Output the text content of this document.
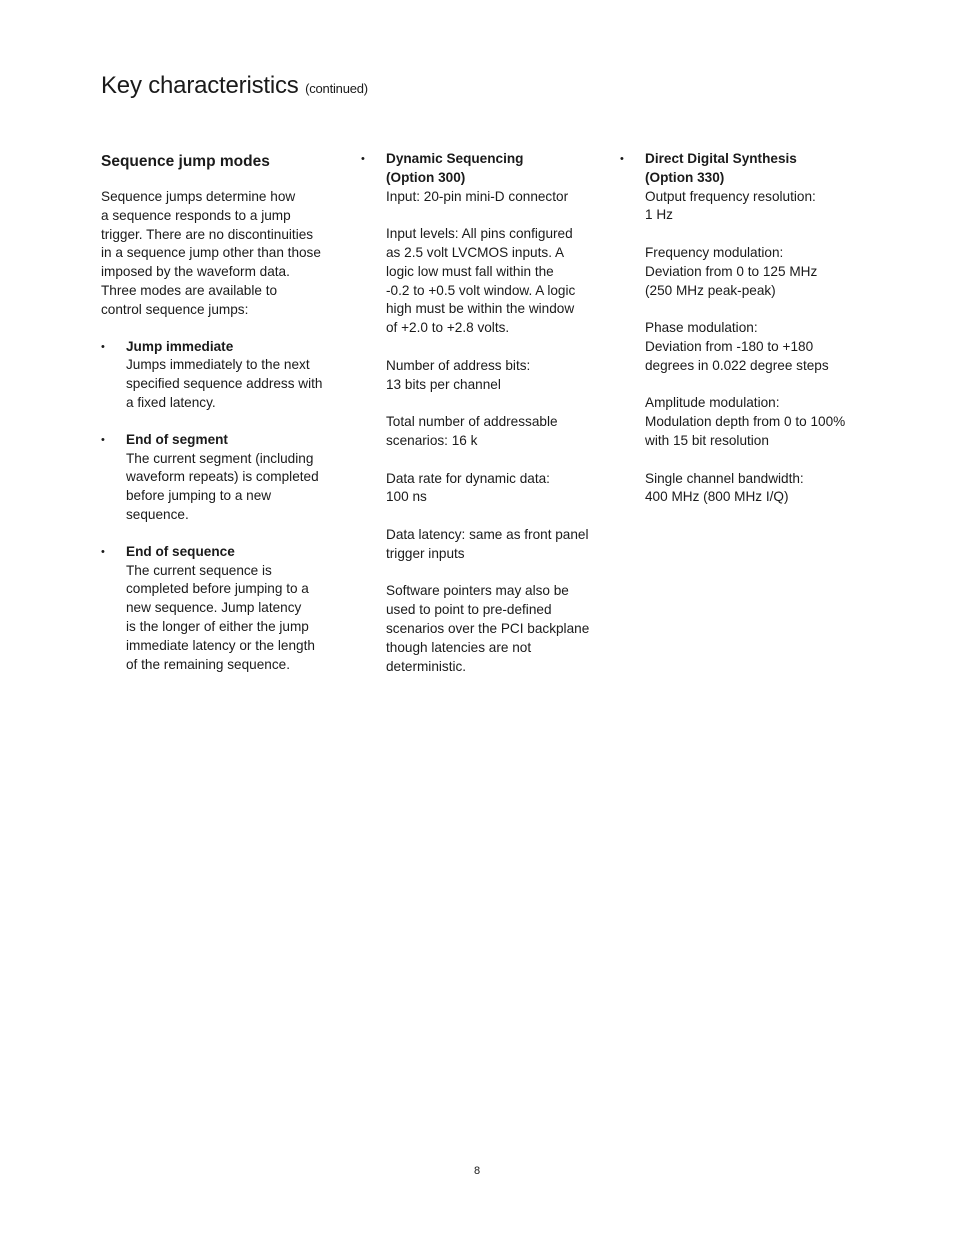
Key characteristics (continued)
Sequence jump modes

Sequence jumps determine how
a sequence responds to a jump
trigger. There are no discontinuities
in a sequence jump other than those
imposed by the waveform data.
Three modes are available to
control sequence jumps:

• Jump immediate
Jumps immediately to the next
specified sequence address with
a fixed latency.
• End of segment
The current segment (including
waveform repeats) is completed
before jumping to a new
sequence.
• End of sequence
The current sequence is
completed before jumping to a
new sequence. Jump latency
is the longer of either the jump
immediate latency or the length
of the remaining sequence.
• Dynamic Sequencing
(Option 300)

Input: 20-pin mini-D connector

Input levels: All pins configured
as 2.5 volt LVCMOS inputs. A
logic low must fall within the
-0.2 to +0.5 volt window. A logic
high must be within the window
of +2.0 to +2.8 volts.

Number of address bits:
13 bits per channel

Total number of addressable
scenarios: 16 k

Data rate for dynamic data:
100 ns

Data latency: same as front panel
trigger inputs

Software pointers may also be
used to point to pre-defined
scenarios over the PCI backplane
though latencies are not
deterministic.

• Direct Digital Synthesis
(Option 330)

Output frequency resolution:
1 Hz

Frequency modulation:
Deviation from 0 to 125 MHz
(250 MHz peak-peak)

Phase modulation:
Deviation from -180 to +180
degrees in 0.022 degree steps

Amplitude modulation:
Modulation depth from 0 to 100%
with 15 bit resolution

Single channel bandwidth:
400 MHz (800 MHz I/Q)

8
